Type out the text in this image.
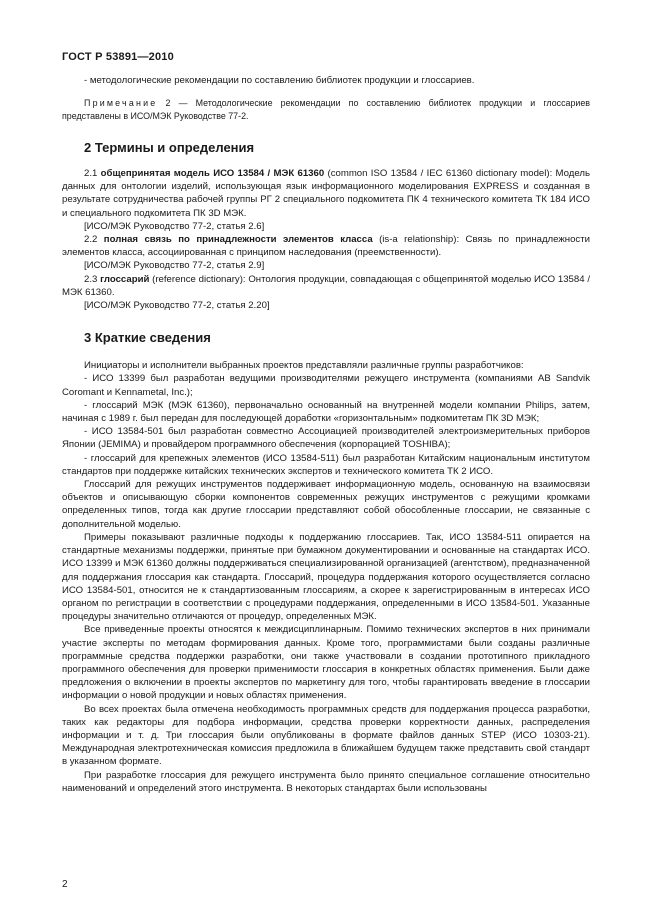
ГОСТ Р 53891—2010

- методологические рекомендации по составлению библиотек продукции и глоссариев.

Примечание 2 — Методологические рекомендации по составлению библиотек продукции и глоссариев представлены в ИСО/МЭК Руководстве 77-2.

2 Термины и определения

2.1 общепринятая модель ИСО 13584 / МЭК 61360 (common ISO 13584 / IEC 61360 dictionary model): Модель данных для онтологии изделий, использующая язык информационного моделирования EXPRESS и созданная в результате сотрудничества рабочей группы РГ 2 специального подкомитета ПК 4 технического комитета ТК 184 ИСО и специального подкомитета ПК 3D МЭК.

[ИСО/МЭК Руководство 77-2, статья 2.6]

2.2 полная связь по принадлежности элементов класса (is-a relationship): Связь по принадлежности элементов класса, ассоциированная с принципом наследования (преемственности).

[ИСО/МЭК Руководство 77-2, статья 2.9]

2.3 глоссарий (reference dictionary): Онтология продукции, совпадающая с общепринятой моделью ИСО 13584 / МЭК 61360.

[ИСО/МЭК Руководство 77-2, статья 2.20]

3 Краткие сведения

Инициаторы и исполнители выбранных проектов представляли различные группы разработчиков:

- ИСО 13399 был разработан ведущими производителями режущего инструмента (компаниями AB Sandvik Coromant и Kennametal, Inc.);

- глоссарий МЭК (МЭК 61360), первоначально основанный на внутренней модели компании Philips, затем, начиная с 1989 г. был передан для последующей доработки «горизонтальным» подкомитетам ПК 3D МЭК;

- ИСО 13584-501 был разработан совместно Ассоциацией производителей электроизмерительных приборов Японии (JEMIMA) и провайдером программного обеспечения (корпорацией TOSHIBA);

- глоссарий для крепежных элементов (ИСО 13584-511) был разработан Китайским национальным институтом стандартов при поддержке китайских технических экспертов и технического комитета ТК 2 ИСО.

Глоссарий для режущих инструментов поддерживает информационную модель, основанную на взаимосвязи объектов и описывающую сборки компонентов современных режущих инструментов с режущими кромками определенных типов, тогда как другие глоссарии представляют собой обособленные глоссарии, не связанные с дополнительной моделью.

Примеры показывают различные подходы к поддержанию глоссариев. Так, ИСО 13584-511 опирается на стандартные механизмы поддержки, принятые при бумажном документировании и основанные на стандартах ИСО. ИСО 13399 и МЭК 61360 должны поддерживаться специализированной организацией (агентством), предназначенной для поддержания глоссария как стандарта. Глоссарий, процедура поддержания которого осуществляется согласно ИСО 13584-501, относится не к стандартизованным глоссариям, а скорее к зарегистрированным в интересах ИСО органом по регистрации в соответствии с процедурами поддержания, определенными в ИСО 13584-501. Указанные процедуры значительно отличаются от процедур, определенных МЭК.

Все приведенные проекты относятся к междисциплинарным. Помимо технических экспертов в них принимали участие эксперты по методам формирования данных. Кроме того, программистами были созданы различные программные средства поддержки разработки, они также участвовали в создании прототипного прикладного программного обеспечения для проверки применимости глоссария в конкретных областях применения. Были даже предложения о включении в проекты экспертов по маркетингу для того, чтобы гарантировать введение в глоссарии информации о новой продукции и новых областях применения.

Во всех проектах была отмечена необходимость программных средств для поддержания процесса разработки, таких как редакторы для подбора информации, средства проверки корректности данных, распределения информации и т. д. Три глоссария были опубликованы в формате файлов данных STEP (ИСО 10303-21). Международная электротехническая комиссия предложила в ближайшем будущем также представить свой стандарт в указанном формате.

При разработке глоссария для режущего инструмента было принято специальное соглашение относительно наименований и определений этого инструмента. В некоторых стандартах были использованы

2
